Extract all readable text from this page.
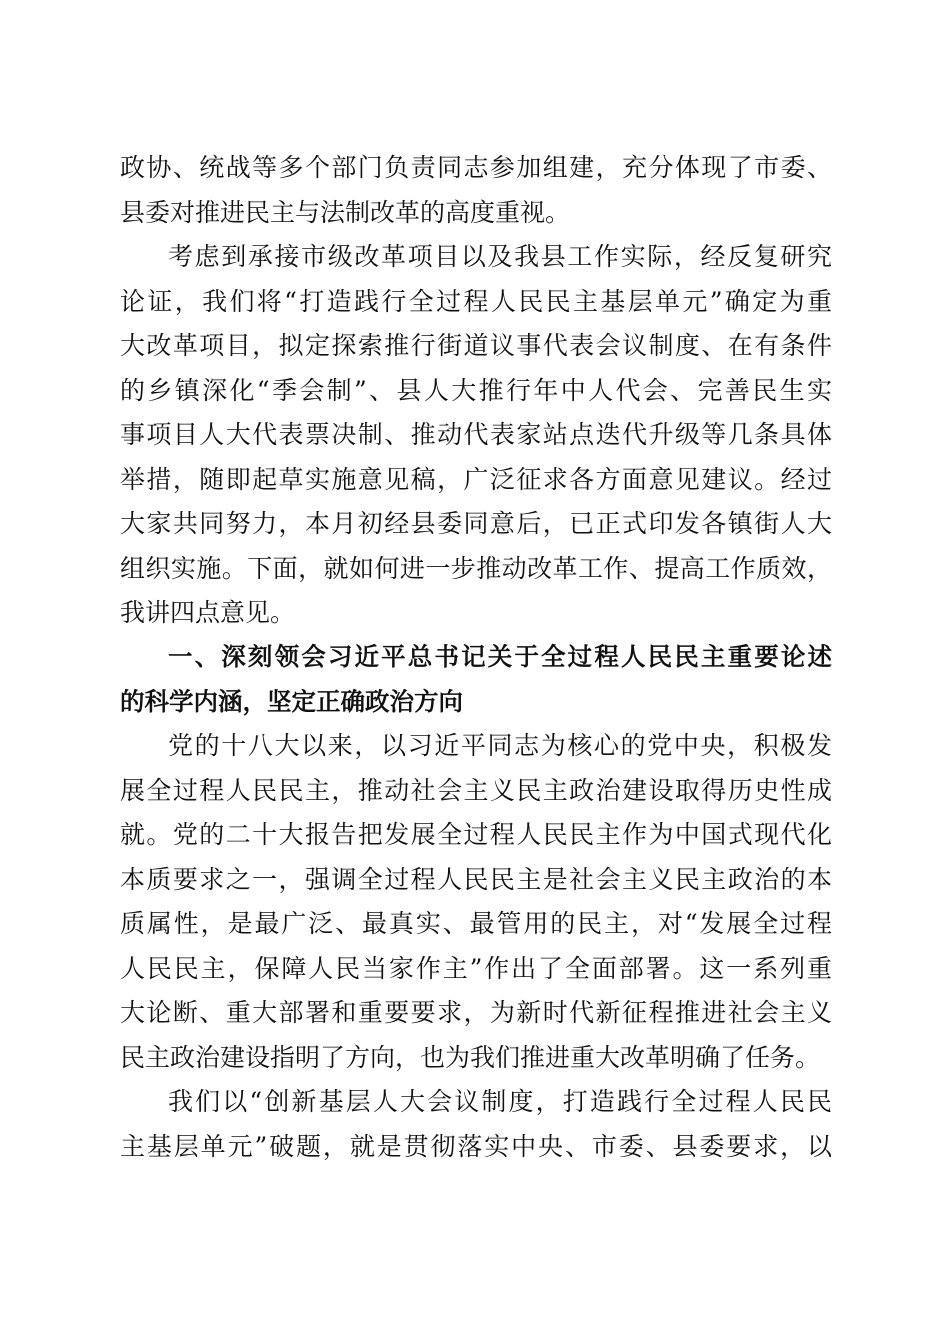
政协、统战等多个部门负责同志参加组建，充分体现了市委、
县委对推进民主与法制改革的高度重视。
考虑到承接市级改革项目以及我县工作实际，经反复研究
论证，我们将“打造践行全过程人民民主基层单元”确定为重
大改革项目，拟定探索推行街道议事代表会议制度、在有条件
的乡镇深化“季会制”、县人大推行年中人代会、完善民生实
事项目人大代表票决制、推动代表家站点迭代升级等几条具体
举措，随即起草实施意见稿，广泛征求各方面意见建议。经过
大家共同努力，本月初经县委同意后，已正式印发各镇街人大
组织实施。下面，就如何进一步推动改革工作、提高工作质效，
我讲四点意见。
一、深刻领会习近平总书记关于全过程人民民主重要论述
的科学内涵，坚定正确政治方向
党的十八大以来，以习近平同志为核心的党中央，积极发
展全过程人民民主，推动社会主义民主政治建设取得历史性成
就。党的二十大报告把发展全过程人民民主作为中国式现代化
本质要求之一，强调全过程人民民主是社会主义民主政治的本
质属性，是最广泛、最真实、最管用的民主，对“发展全过程
人民民主，保障人民当家作主”作出了全面部署。这一系列重
大论断、重大部署和重要要求，为新时代新征程推进社会主义
民主政治建设指明了方向，也为我们推进重大改革明确了任务。
我们以“创新基层人大会议制度，打造践行全过程人民民
主基层单元”破题，就是贯彻落实中央、市委、县委要求，以
